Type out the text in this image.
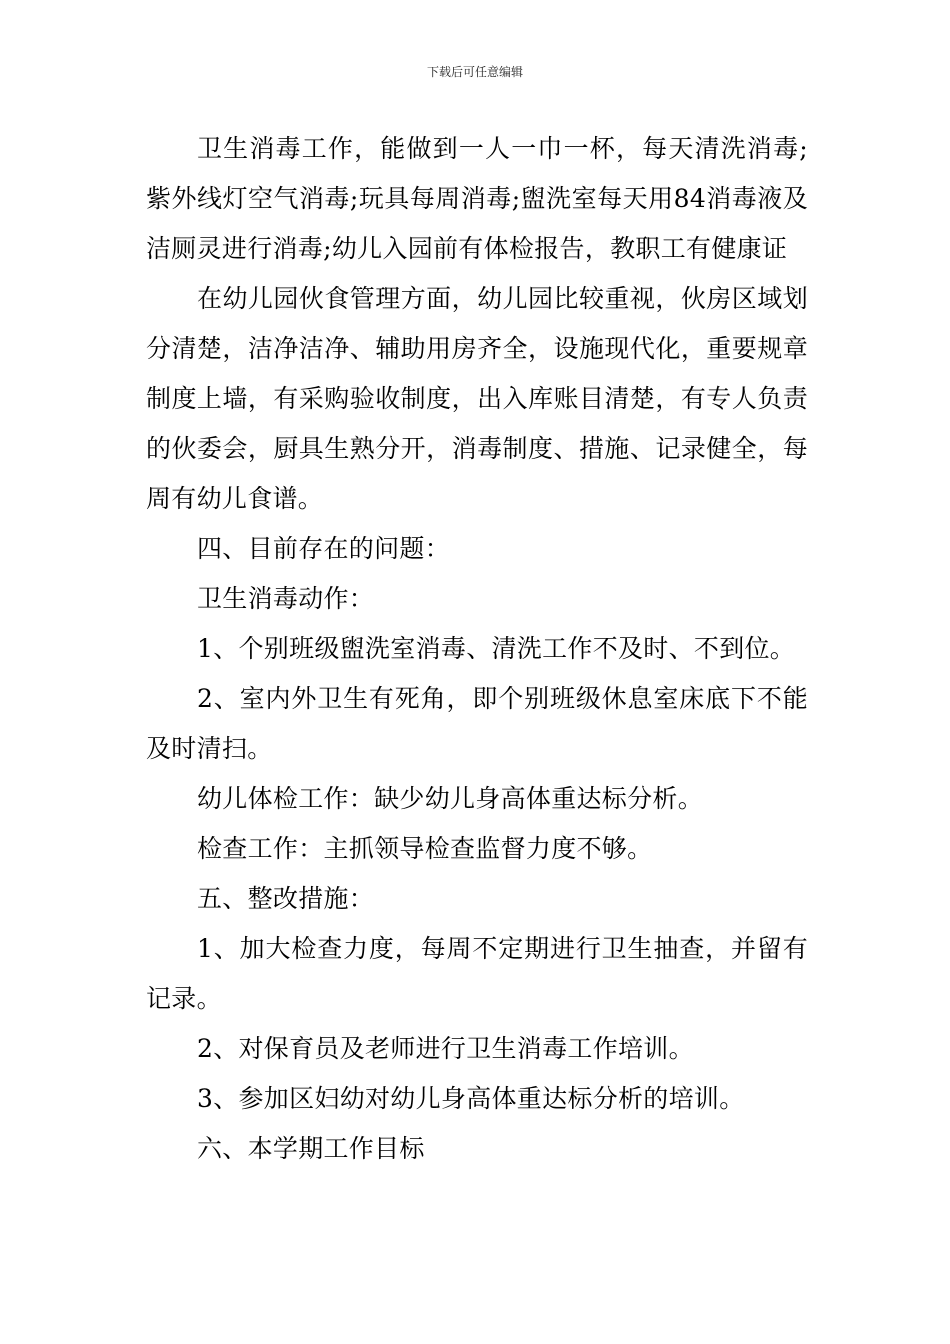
下载后可任意编辑

卫生消毒工作，能做到一人一巾一杯，每天清洗消毒;紫外线灯空气消毒;玩具每周消毒;盥洗室每天用84消毒液及洁厕灵进行消毒;幼儿入园前有体检报告，教职工有健康证

在幼儿园伙食管理方面，幼儿园比较重视，伙房区域划分清楚，洁净洁净、辅助用房齐全，设施现代化，重要规章制度上墙，有采购验收制度，出入库账目清楚，有专人负责的伙委会，厨具生熟分开，消毒制度、措施、记录健全，每周有幼儿食谱。

四、目前存在的问题：

卫生消毒动作：

1、个别班级盥洗室消毒、清洗工作不及时、不到位。

2、室内外卫生有死角，即个别班级休息室床底下不能及时清扫。

幼儿体检工作：缺少幼儿身高体重达标分析。

检查工作：主抓领导检查监督力度不够。

五、整改措施：

1、加大检查力度，每周不定期进行卫生抽查，并留有记录。

2、对保育员及老师进行卫生消毒工作培训。

3、参加区妇幼对幼儿身高体重达标分析的培训。

六、本学期工作目标
